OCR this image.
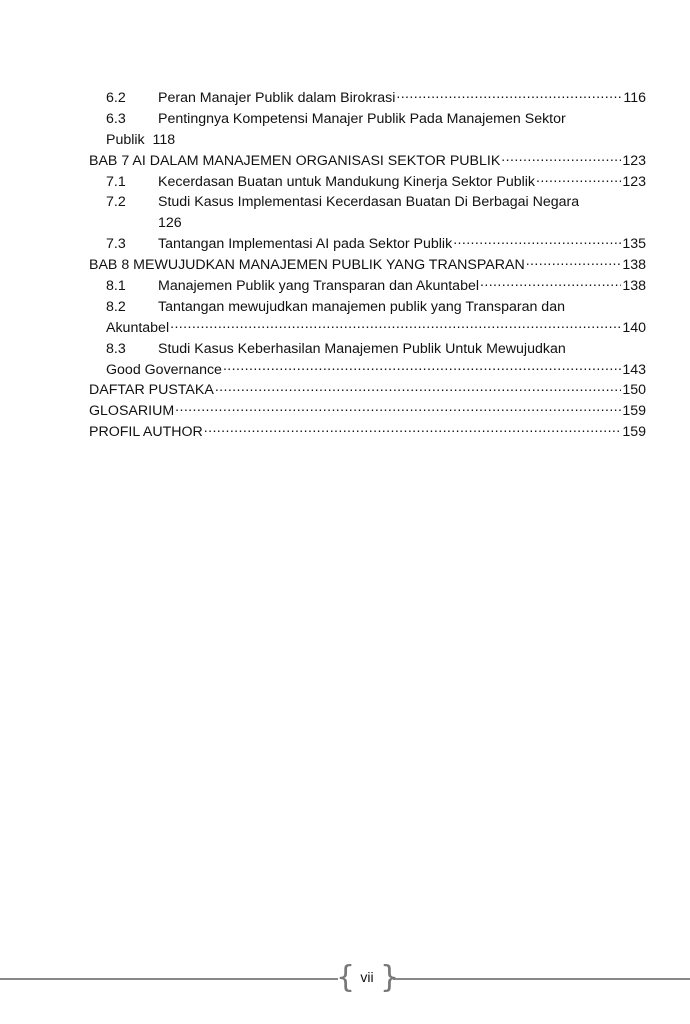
6.2	Peran Manajer Publik dalam Birokrasi .....	116
6.3	Pentingnya Kompetensi Manajer Publik Pada Manajemen Sektor
Publik  118
BAB 7 AI DALAM MANAJEMEN ORGANISASI SEKTOR PUBLIK .....	123
7.1	Kecerdasan Buatan untuk Mandukung Kinerja Sektor Publik .....	123
7.2	Studi Kasus Implementasi Kecerdasan Buatan Di Berbagai Negara
126
7.3	Tantangan Implementasi AI pada Sektor Publik .....	135
BAB 8 MEWUJUDKAN MANAJEMEN PUBLIK YANG TRANSPARAN .....	138
8.1	Manajemen Publik yang Transparan dan Akuntabel .....	138
8.2	Tantangan mewujudkan manajemen publik yang Transparan dan
Akuntabel .....	140
8.3	Studi Kasus Keberhasilan Manajemen Publik Untuk Mewujudkan
Good Governance .....	143
DAFTAR PUSTAKA .....	150
GLOSARIUM .....	159
PROFIL AUTHOR .....	159
{ vii }
